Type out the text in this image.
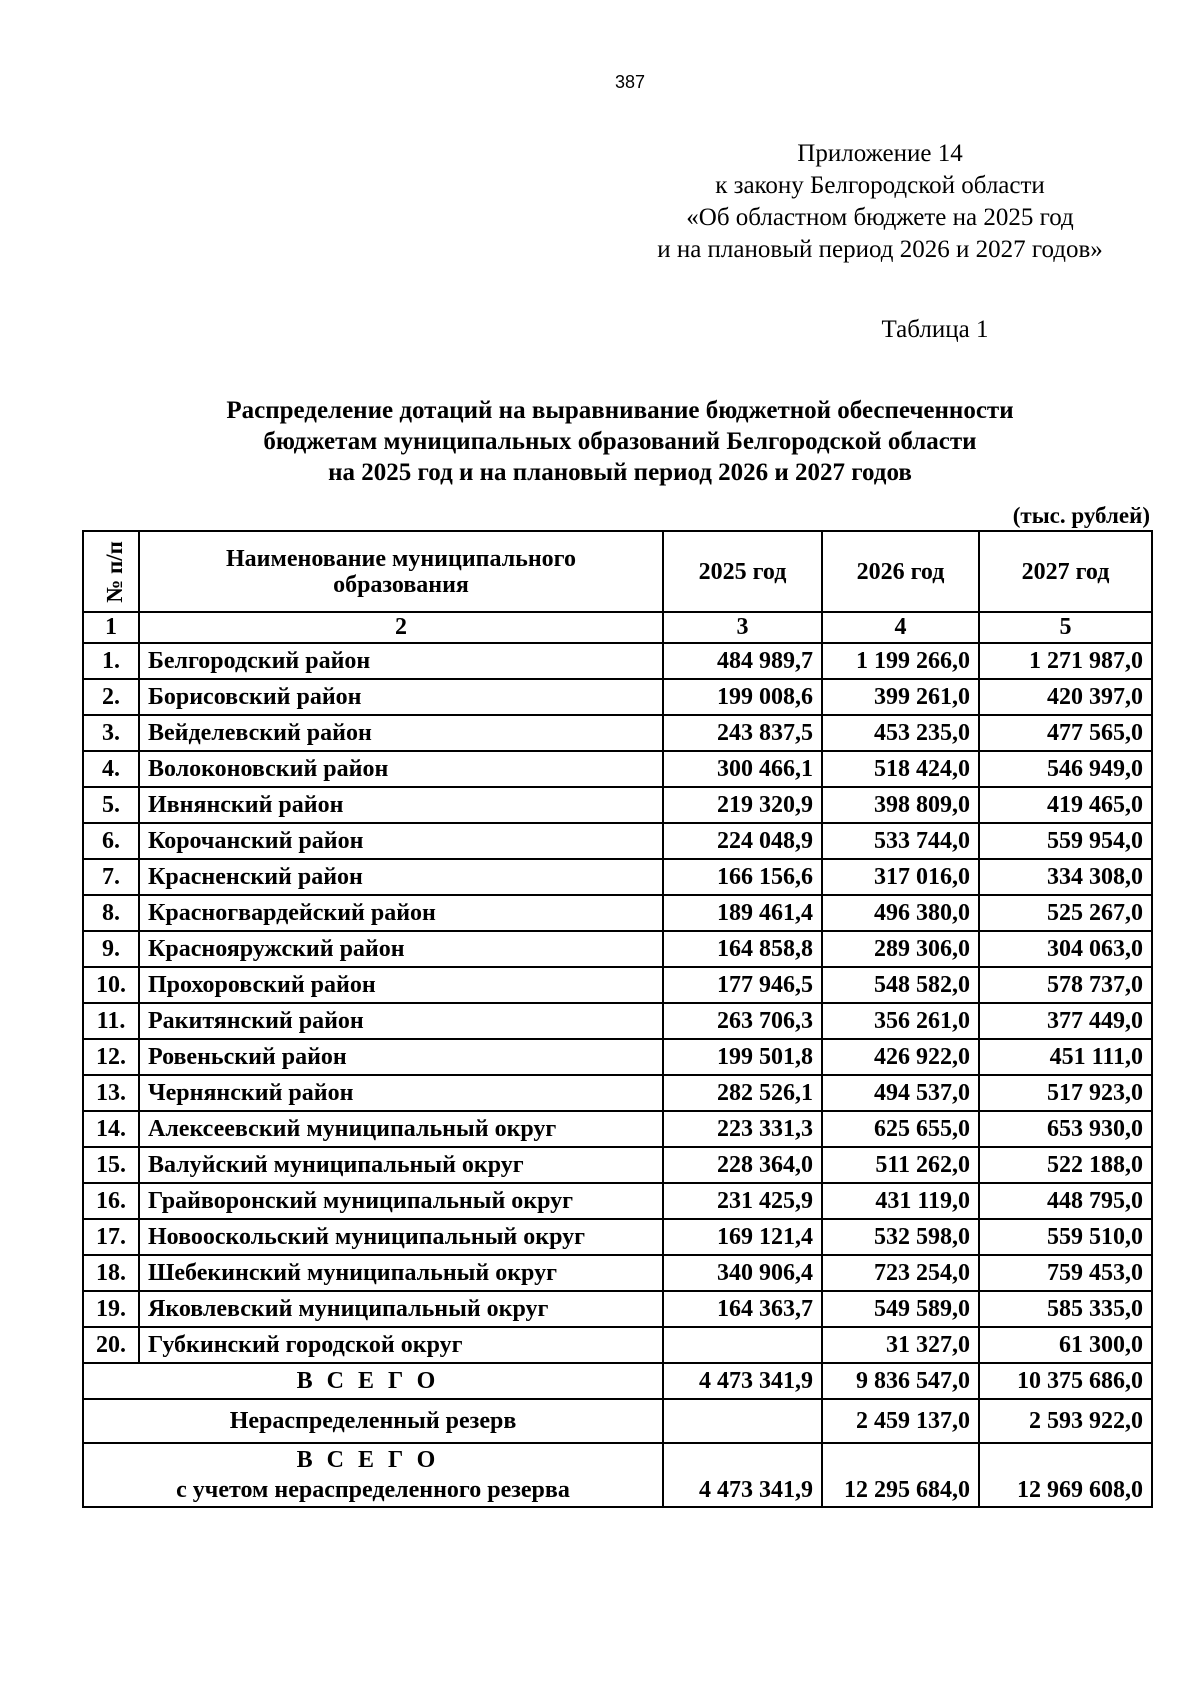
387
Приложение 14
к закону Белгородской области
«Об областном бюджете на 2025 год
и на плановый период 2026 и 2027 годов»
Таблица 1
Распределение дотаций на выравнивание бюджетной обеспеченности
бюджетам муниципальных образований Белгородской области
на 2025 год и на плановый период 2026 и 2027 годов
(тыс. рублей)
№ п/п	Наименование муниципального образования	2025 год	2026 год	2027 год
1	2	3	4	5
1.	Белгородский район	484 989,7	1 199 266,0	1 271 987,0
2.	Борисовский район	199 008,6	399 261,0	420 397,0
3.	Вейделевский район	243 837,5	453 235,0	477 565,0
4.	Волоконовский район	300 466,1	518 424,0	546 949,0
5.	Ивнянский район	219 320,9	398 809,0	419 465,0
6.	Корочанский район	224 048,9	533 744,0	559 954,0
7.	Красненский район	166 156,6	317 016,0	334 308,0
8.	Красногвардейский район	189 461,4	496 380,0	525 267,0
9.	Краснояружский район	164 858,8	289 306,0	304 063,0
10.	Прохоровский район	177 946,5	548 582,0	578 737,0
11.	Ракитянский район	263 706,3	356 261,0	377 449,0
12.	Ровеньский район	199 501,8	426 922,0	451 111,0
13.	Чернянский район	282 526,1	494 537,0	517 923,0
14.	Алексеевский муниципальный округ	223 331,3	625 655,0	653 930,0
15.	Валуйский муниципальный округ	228 364,0	511 262,0	522 188,0
16.	Грайворонский муниципальный округ	231 425,9	431 119,0	448 795,0
17.	Новооскольский муниципальный округ	169 121,4	532 598,0	559 510,0
18.	Шебекинский муниципальный округ	340 906,4	723 254,0	759 453,0
19.	Яковлевский муниципальный округ	164 363,7	549 589,0	585 335,0
20.	Губкинский городской округ		31 327,0	61 300,0
ВСЕГО		4 473 341,9	9 836 547,0	10 375 686,0
Нераспределенный резерв			2 459 137,0	2 593 922,0

ВСЕГО
с учетом нераспределенного резерва		4 473 341,9	12 295 684,0	12 969 608,0
